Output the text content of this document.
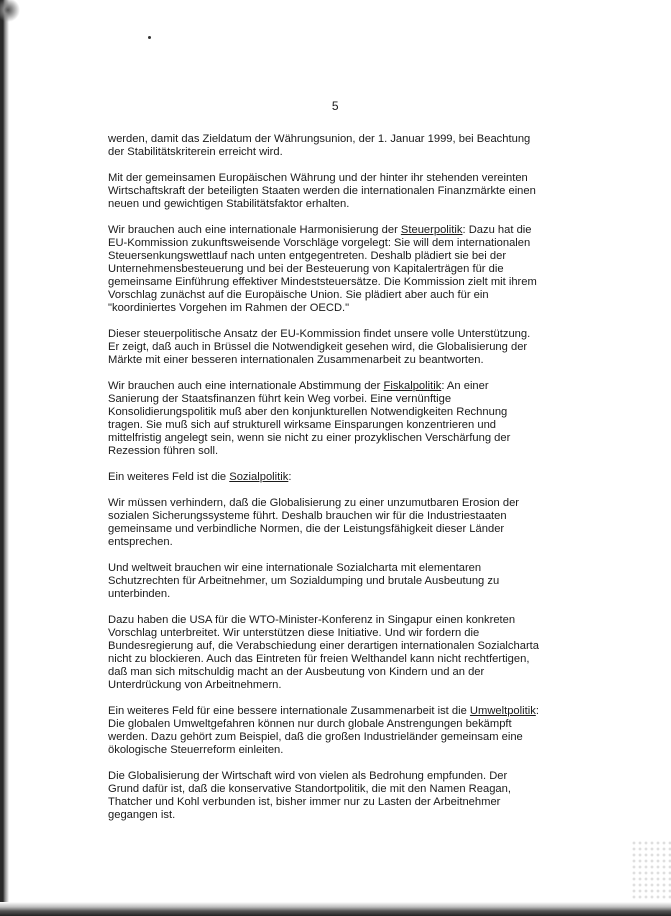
5

werden, damit das Zieldatum der Währungsunion, der 1. Januar 1999, bei Beachtung der Stabilitätskriterein erreicht wird.

Mit der gemeinsamen Europäischen Währung und der hinter ihr stehenden vereinten Wirtschaftskraft der beteiligten Staaten werden die internationalen Finanzmärkte einen neuen und gewichtigen Stabilitätsfaktor erhalten.

Wir brauchen auch eine internationale Harmonisierung der Steuerpolitik: Dazu hat die EU-Kommission zukunftsweisende Vorschläge vorgelegt: Sie will dem internationalen Steuersenkungswettlauf nach unten entgegentreten. Deshalb plädiert sie bei der Unternehmensbesteuerung und bei der Besteuerung von Kapitalerträgen für die gemeinsame Einführung effektiver Mindeststeuersätze. Die Kommission zielt mit ihrem Vorschlag zunächst auf die Europäische Union. Sie plädiert aber auch für ein "koordiniertes Vorgehen im Rahmen der OECD."

Dieser steuerpolitische Ansatz der EU-Kommission findet unsere volle Unterstützung. Er zeigt, daß auch in Brüssel die Notwendigkeit gesehen wird, die Globalisierung der Märkte mit einer besseren internationalen Zusammenarbeit zu beantworten.

Wir brauchen auch eine internationale Abstimmung der Fiskalpolitik: An einer Sanierung der Staatsfinanzen führt kein Weg vorbei. Eine vernünftige Konsolidierungspolitik muß aber den konjunkturellen Notwendigkeiten Rechnung tragen. Sie muß sich auf strukturell wirksame Einsparungen konzentrieren und mittelfristig angelegt sein, wenn sie nicht zu einer prozyklischen Verschärfung der Rezession führen soll.

Ein weiteres Feld ist die Sozialpolitik:

Wir müssen verhindern, daß die Globalisierung zu einer unzumutbaren Erosion der sozialen Sicherungssysteme führt. Deshalb brauchen wir für die Industriestaaten gemeinsame und verbindliche Normen, die der Leistungsfähigkeit dieser Länder entsprechen.

Und weltweit brauchen wir eine internationale Sozialcharta mit elementaren Schutzrechten für Arbeitnehmer, um Sozialdumping und brutale Ausbeutung zu unterbinden.

Dazu haben die USA für die WTO-Minister-Konferenz in Singapur einen konkreten Vorschlag unterbreitet. Wir unterstützen diese Initiative. Und wir fordern die Bundesregierung auf, die Verabschiedung einer derartigen internationalen Sozialcharta nicht zu blockieren. Auch das Eintreten für freien Welthandel kann nicht rechtfertigen, daß man sich mitschuldig macht an der Ausbeutung von Kindern und an der Unterdrückung von Arbeitnehmern.

Ein weiteres Feld für eine bessere internationale Zusammenarbeit ist die Umweltpolitik: Die globalen Umweltgefahren können nur durch globale Anstrengungen bekämpft werden. Dazu gehört zum Beispiel, daß die großen Industrieländer gemeinsam eine ökologische Steuerreform einleiten.

Die Globalisierung der Wirtschaft wird von vielen als Bedrohung empfunden. Der Grund dafür ist, daß die konservative Standortpolitik, die mit den Namen Reagan, Thatcher und Kohl verbunden ist, bisher immer nur zu Lasten der Arbeitnehmer gegangen ist.
